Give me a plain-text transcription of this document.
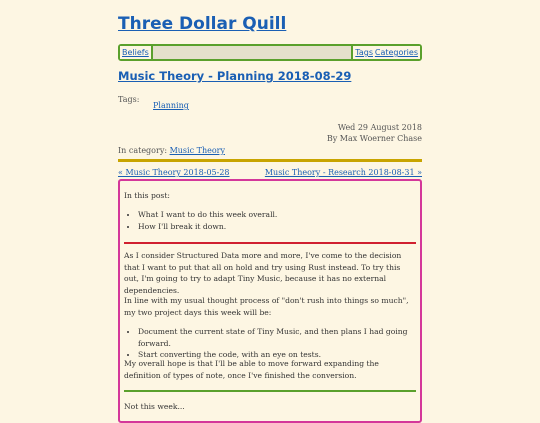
Three Dollar Quill
Beliefs	Tags Categories
Music Theory - Planning 2018-08-29
Tags:
Planning
Wed 29 August 2018
By Max Woerner Chase
In category: Music Theory
« Music Theory 2018-05-28	Music Theory - Research 2018-08-31 »

In this post:

• What I want to do this week overall.
• How I'll break it down.

As I consider Structured Data more and more, I've come to the decision that I want to put that all on hold and try using Rust instead. To try this out, I'm going to try to adapt Tiny Music, because it has no external dependencies.

In line with my usual thought process of "don't rush into things so much", my two project days this week will be:

• Document the current state of Tiny Music, and then plans I had going forward.
• Start converting the code, with an eye on tests.

My overall hope is that I'll be able to move forward expanding the definition of types of note, once I've finished the conversion.

Not this week...
